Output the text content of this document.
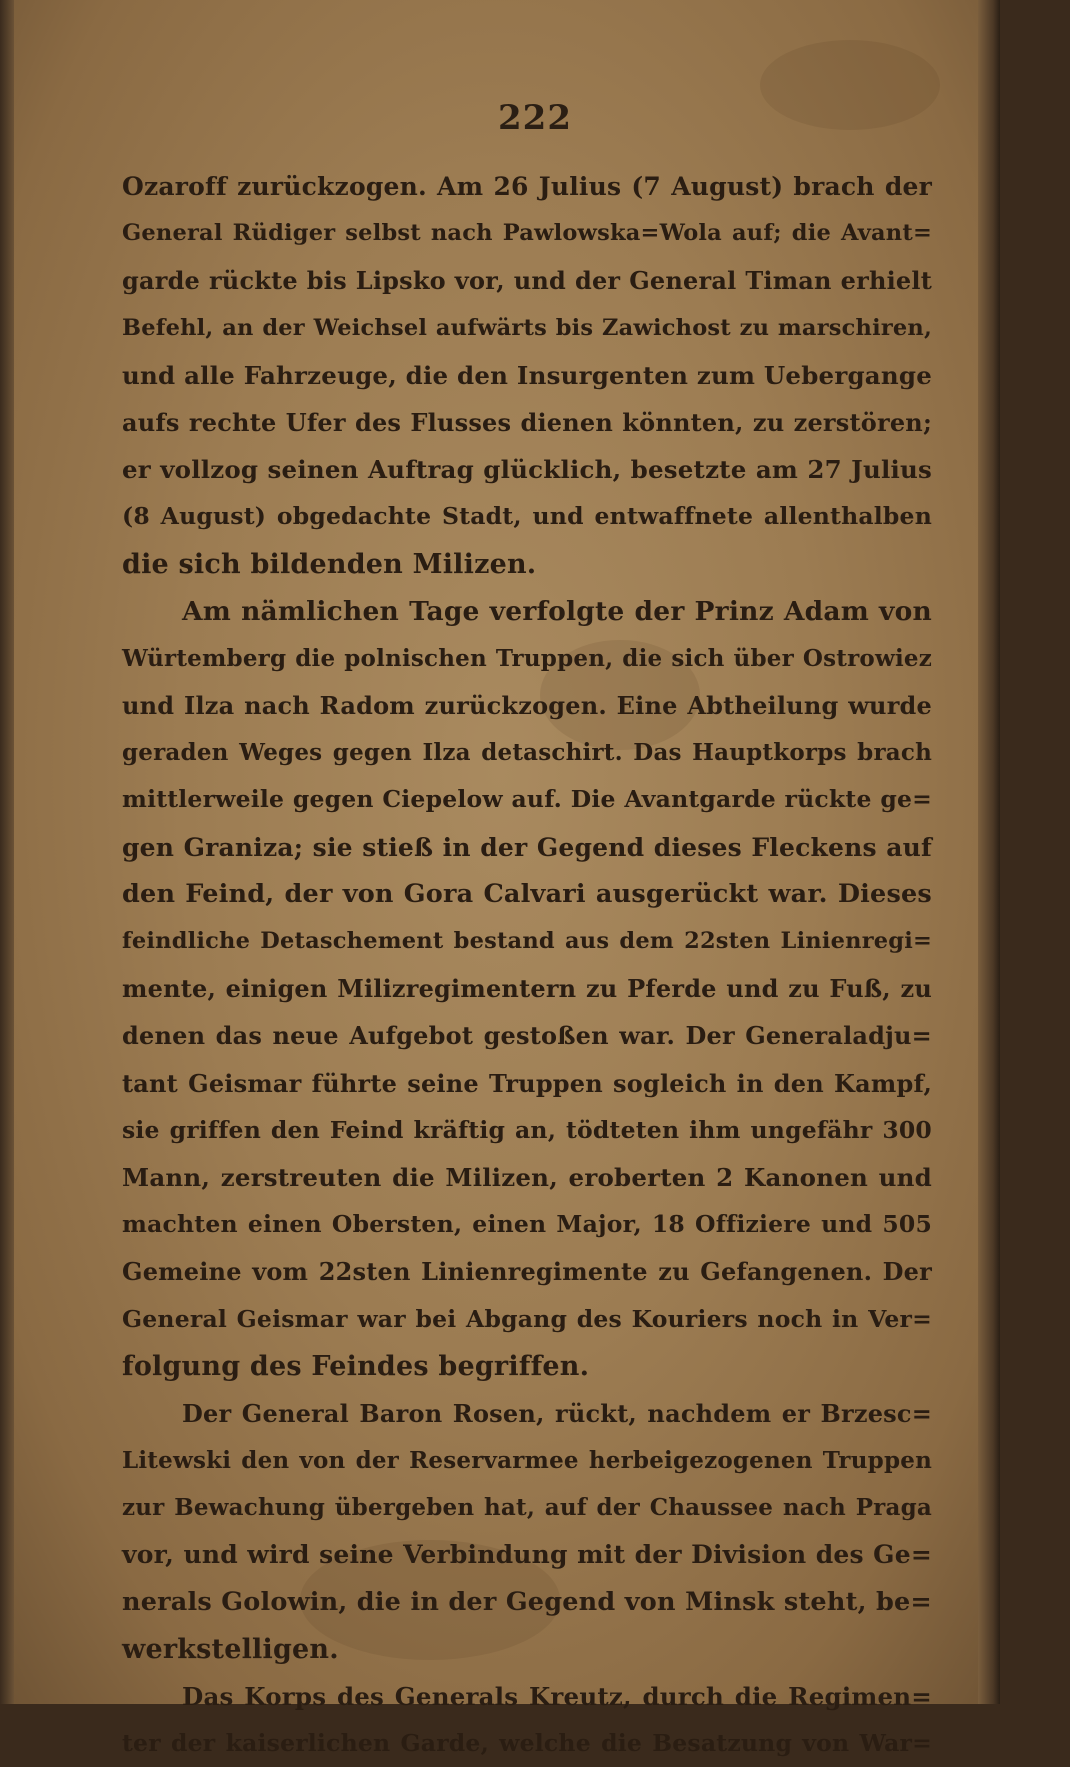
222
Ozaroff zurückzogen. Am 26 Julius (7 August) brach der
General Rüdiger selbst nach Pawlowska=Wola auf; die Avant=
garde rückte bis Lipsko vor, und der General Timan erhielt
Befehl, an der Weichsel aufwärts bis Zawichost zu marschiren,
und alle Fahrzeuge, die den Insurgenten zum Uebergange
aufs rechte Ufer des Flusses dienen könnten, zu zerstören;
er vollzog seinen Auftrag glücklich, besetzte am 27 Julius
(8 August) obgedachte Stadt, und entwaffnete allenthalben
die sich bildenden Milizen.
Am nämlichen Tage verfolgte der Prinz Adam von
Würtemberg die polnischen Truppen, die sich über Ostrowiez
und Ilza nach Radom zurückzogen. Eine Abtheilung wurde
geraden Weges gegen Ilza detaschirt. Das Hauptkorps brach
mittlerweile gegen Ciepelow auf. Die Avantgarde rückte ge=
gen Graniza; sie stieß in der Gegend dieses Fleckens auf
den Feind, der von Gora Calvari ausgerückt war. Dieses
feindliche Detaschement bestand aus dem 22sten Linienregi=
mente, einigen Milizregimentern zu Pferde und zu Fuß, zu
denen das neue Aufgebot gestoßen war. Der Generaladju=
tant Geismar führte seine Truppen sogleich in den Kampf,
sie griffen den Feind kräftig an, tödteten ihm ungefähr 300
Mann, zerstreuten die Milizen, eroberten 2 Kanonen und
machten einen Obersten, einen Major, 18 Offiziere und 505
Gemeine vom 22sten Linienregimente zu Gefangenen. Der
General Geismar war bei Abgang des Kouriers noch in Ver=
folgung des Feindes begriffen.
Der General Baron Rosen, rückt, nachdem er Brzesc=
Litewski den von der Reservarmee herbeigezogenen Truppen
zur Bewachung übergeben hat, auf der Chaussee nach Praga
vor, und wird seine Verbindung mit der Division des Ge=
nerals Golowin, die in der Gegend von Minsk steht, be=
werkstelligen.
Das Korps des Generals Kreutz, durch die Regimen=
ter der kaiserlichen Garde, welche die Besatzung von War=
